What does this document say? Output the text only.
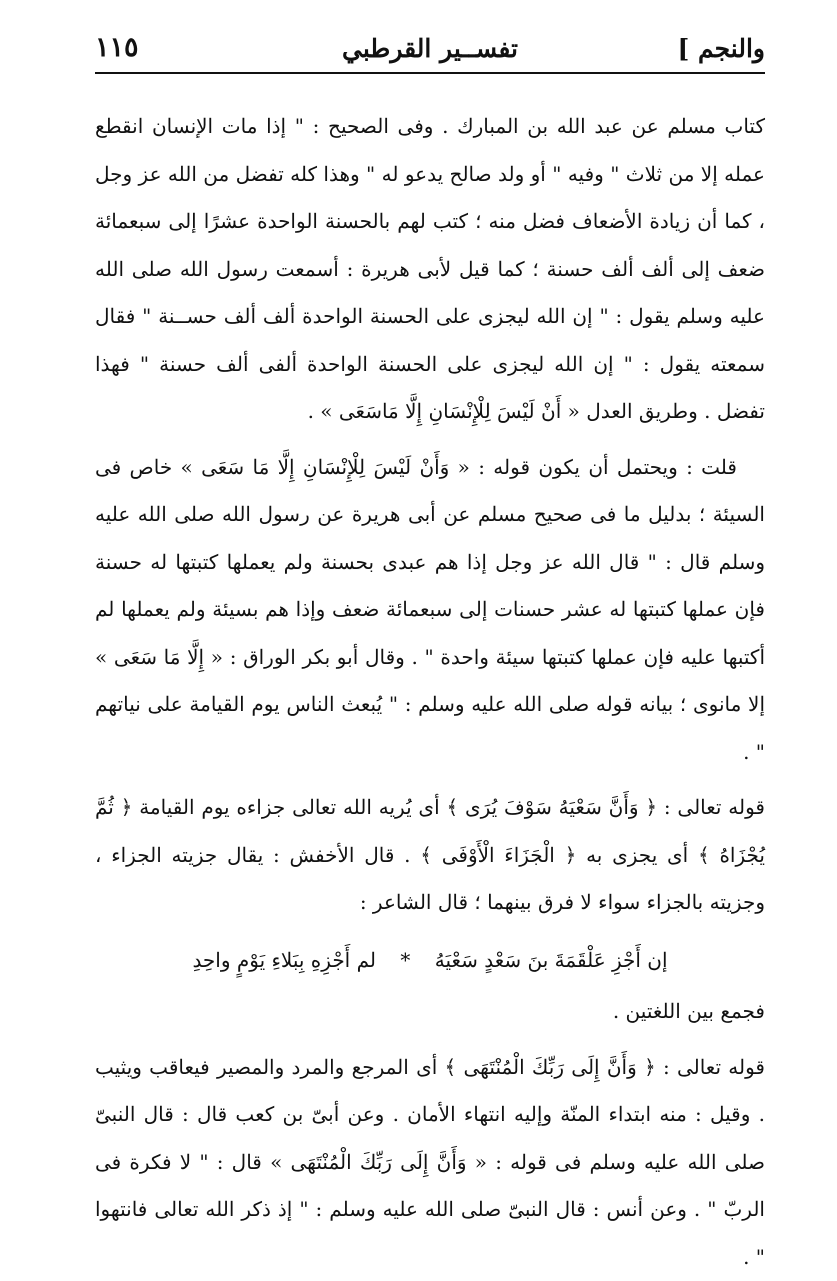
والنجم ]
تفســير القرطبي
١١٥

كتاب مسلم عن عبد الله بن المبارك . وفى الصحيح : " إذا مات الإنسان انقطع عمله إلا من ثلاث " وفيه " أو ولد صالح يدعو له " وهذا كله تفضل من الله عز وجل ، كما أن زيادة الأضعاف فضل منه ؛ كتب لهم بالحسنة الواحدة عشرًا إلى سبعمائة ضعف إلى ألف ألف حسنة ؛ كما قيل لأبى هريرة : أسمعت رسول الله صلى الله عليه وسلم يقول : " إن الله ليجزى على الحسنة الواحدة ألف ألف حســنة " فقال سمعته يقول : " إن الله ليجزى على الحسنة الواحدة ألفى ألف حسنة " فهذا تفضل . وطريق العدل « أَنْ لَيْسَ لِلْإِنْسَانِ إِلَّا مَاسَعَى » .

قلت : ويحتمل أن يكون قوله : « وَأَنْ لَيْسَ لِلْإِنْسَانِ إِلَّا مَا سَعَى » خاص فى السيئة ؛ بدليل ما فى صحيح مسلم عن أبى هريرة عن رسول الله صلى الله عليه وسلم قال : " قال الله عز وجل إذا هم عبدى بحسنة ولم يعملها كتبتها له حسنة فإن عملها كتبتها له عشر حسنات إلى سبعمائة ضعف وإذا هم بسيئة ولم يعملها لم أكتبها عليه فإن عملها كتبتها سيئة واحدة " . وقال أبو بكر الوراق : « إِلَّا مَا سَعَى » إلا مانوى ؛ بيانه قوله صلى الله عليه وسلم : " يُبعث الناس يوم القيامة على نياتهم " .

قوله تعالى : ﴿ وَأَنَّ سَعْيَهُ سَوْفَ يُرَى ﴾ أى يُريه الله تعالى جزاءه يوم القيامة ﴿ ثُمَّ يُجْزَاهُ ﴾ أى يجزى به ﴿ الْجَزَاءَ الْأَوْفَى ﴾ . قال الأخفش : يقال جزيته الجزاء ، وجزيته بالجزاء سواء لا فرق بينهما ؛ قال الشاعر :

إن أَجْزِ عَلْقَمَةَ بنَ سَعْدٍ سَعْيَهُ * لم أَجْزِهِ بِبَلاءِ يَوْمٍ واحِدِ

فجمع بين اللغتين .

قوله تعالى : ﴿ وَأَنَّ إِلَى رَبِّكَ الْمُنْتَهَى ﴾ أى المرجع والمرد والمصير فيعاقب ويثيب . وقيل : منه ابتداء المنّة وإليه انتهاء الأمان . وعن أبىّ بن كعب قال : قال النبىّ صلى الله عليه وسلم فى قوله : « وَأَنَّ إِلَى رَبِّكَ الْمُنْتَهَى » قال : " لا فكرة فى الربّ " . وعن أنس : قال النبىّ صلى الله عليه وسلم : " إذ ذكر الله تعالى فانتهوا " .
